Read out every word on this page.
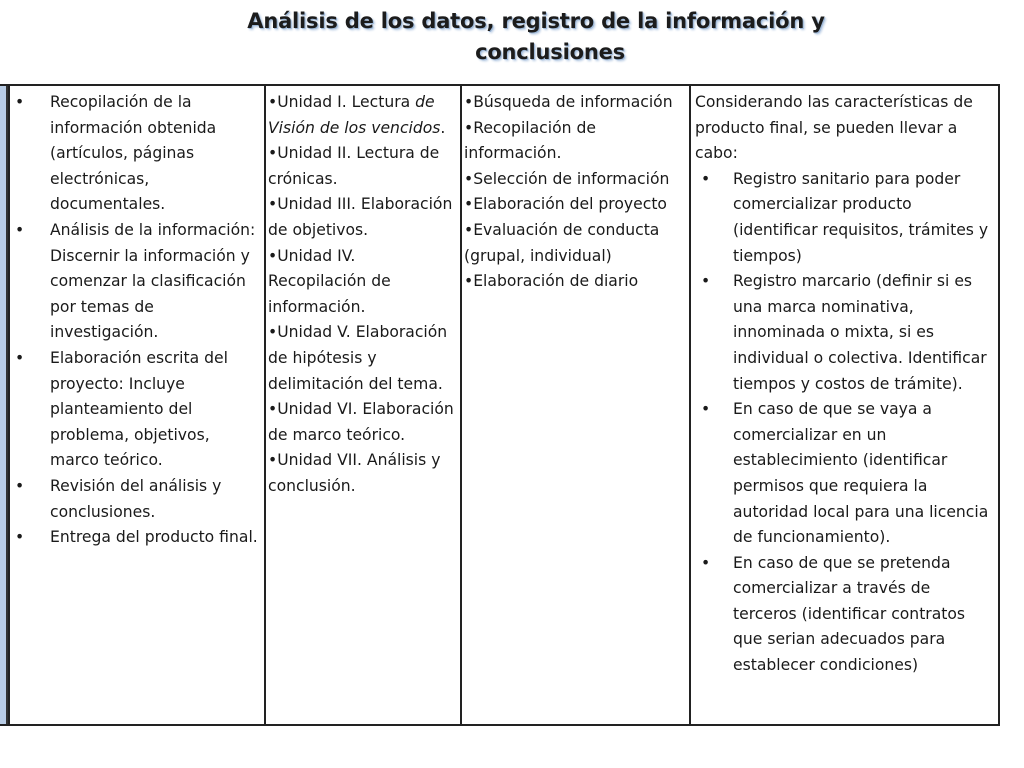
Análisis de los datos, registro de la información y
conclusiones
• Recopilación de la información obtenida (artículos, páginas electrónicas, documentales.
• Análisis de la información: Discernir la información y comenzar la clasificación por temas de investigación.
• Elaboración escrita del proyecto: Incluye planteamiento del problema, objetivos, marco teórico.
• Revisión del análisis y conclusiones.
• Entrega del producto final.
•Unidad I. Lectura de Visión de los vencidos.
•Unidad II. Lectura de crónicas.
•Unidad III. Elaboración de objetivos.
•Unidad IV. Recopilación de información.
•Unidad V. Elaboración de hipótesis y delimitación del tema.
•Unidad VI. Elaboración de marco teórico.
•Unidad VII. Análisis y conclusión.
•Búsqueda de información
•Recopilación de información.
•Selección de información
•Elaboración del proyecto
•Evaluación de conducta (grupal, individual)
•Elaboración de diario
Considerando las características de producto final, se pueden llevar a cabo:
• Registro sanitario para poder comercializar producto (identificar requisitos, trámites y tiempos)
• Registro marcario (definir si es una marca nominativa, innominada o mixta, si es individual o colectiva. Identificar tiempos y costos de trámite).
• En caso de que se vaya a comercializar en un establecimiento (identificar permisos que requiera la autoridad local para una licencia de funcionamiento).
• En caso de que se pretenda comercializar a través de terceros (identificar contratos que serian adecuados para establecer condiciones)
